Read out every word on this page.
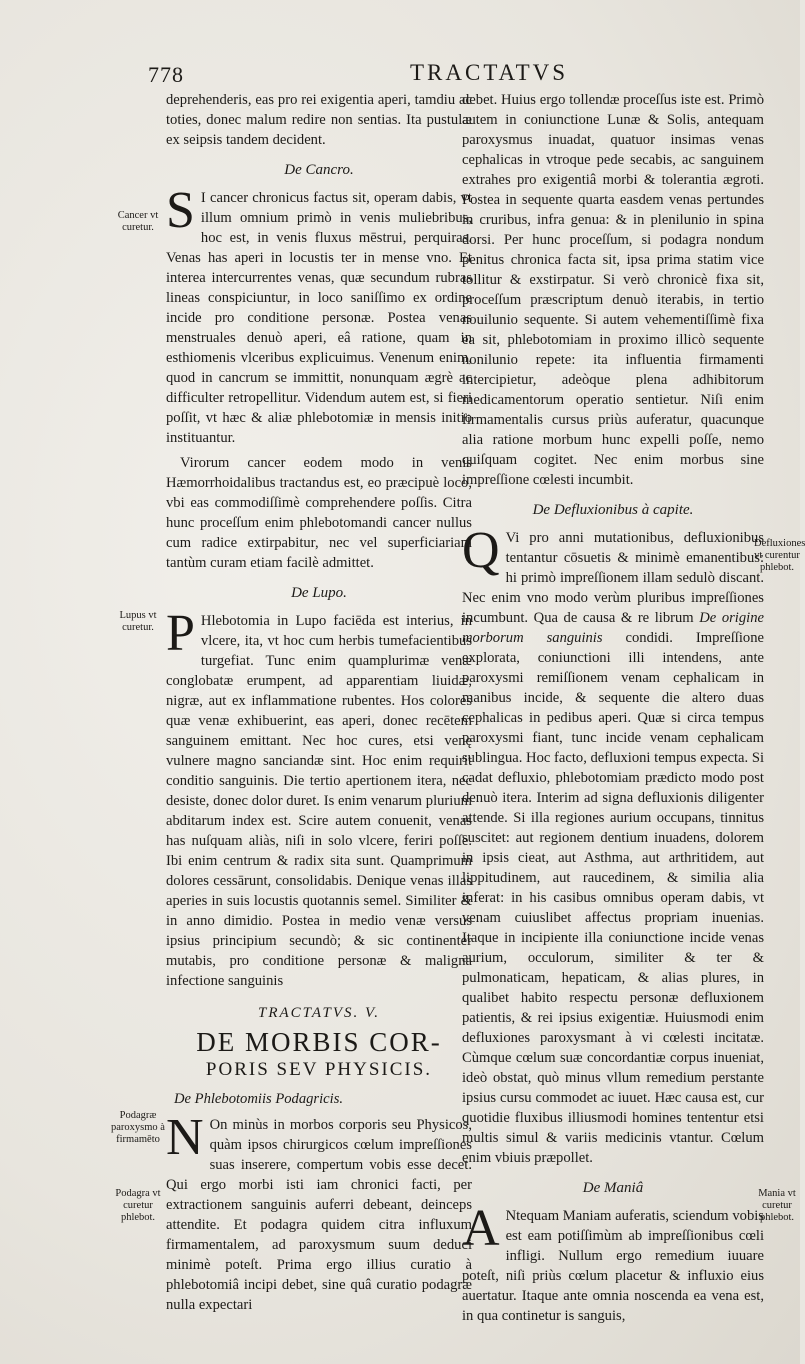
778	TRACTATVS

deprehenderis, eas pro rei exigentia aperi, tamdiu ac toties, donec malum redire non sentias. Ita pustulæ ex seipsis tandem decident.

De Cancro.

S I cancer chronicus factus sit, operam dabis, vt illum omnium primò in venis muliebribus, hoc est, in venis fluxus mēstrui, perquiras. Venas has aperi in locustis ter in mense vno. Et interea intercurrentes venas, quæ secundum rubras lineas conspiciuntur, in loco saniſſimo ex ordine incide pro conditione personæ. Postea venas menstruales denuò aperi, eâ ratione, quam in esthiomenis vlceribus explicuimus. Venenum enim, quod in cancrum se immittit, nonunquam ægrè ac difficulter retropellitur. Videndum autem est, si fieri poſſit, vt hæc & aliæ phlebotomiæ in mensis initio instituantur.

Virorum cancer eodem modo in venis Hæmorrhoidalibus tractandus est, eo præcipuè loco, vbi eas commodiſſimè comprehendere poſſis. Citra hunc proceſſum enim phlebotomandi cancer nullus cum radice extirpabitur, nec vel superficiariam tantùm curam etiam facilè admittet.

De Lupo.

P Hlebotomia in Lupo faciēda est interius, in vlcere, ita, vt hoc cum herbis tumefacientibus turgefiat. Tunc enim quamplurimæ venæ conglobatæ erumpent, ad apparentiam liuidæ, nigræ, aut ex inflammatione rubentes. Hos colores quæ venæ exhibuerint, eas aperi, donec recētem sanguinem emittant. Nec hoc cures, etsi venę vulnere magno sanciandæ sint. Hoc enim requirit conditio sanguinis. Die tertio apertionem itera, nec desiste, donec dolor duret. Is enim venarum plurium abditarum index est. Scire autem conuenit, venas has nuſquam aliàs, niſi in solo vlcere, feriri poſſe. Ibi enim centrum & radix sita sunt. Quamprimum dolores cessārunt, consolidabis. Denique venas illas aperies in suis locustis quotannis semel. Similiter & in anno dimidio. Postea in medio venæ versus ipsius principium secundò; & sic continenter mutabis, pro conditione personæ & maligna infectione sanguinis

TRACTATVS. V.
DE MORBIS COR-
PORIS SEV PHYSICIS.
De Phlebotomiis Podagricis.

N On minùs in morbos corporis seu Physicos, quàm ipsos chirurgicos cœlum impreſſiones suas inserere, compertum vobis esse decet. Qui ergo morbi isti iam chronici facti, per extractionem sanguinis auferri debeant, deinceps attendite. Et podagra quidem citra influxum firmamentalem, ad paroxysmum suum deduci minimè poteſt. Prima ergo illius curatio à phlebotomiâ incipi debet, sine quâ curatio podagræ nulla expectari

debet. Huius ergo tollendæ proceſſus iste est. Primò autem in coniunctione Lunæ & Solis, antequam paroxysmus inuadat, quatuor insimas venas cephalicas in vtroque pede secabis, ac sanguinem extrahes pro exigentiâ morbi & tolerantia ægroti. Postea in sequente quarta easdem venas pertundes in cruribus, infra genua: & in plenilunio in spina dorsi. Per hunc proceſſum, si podagra nondum penitus chronica facta sit, ipsa prima statim vice tollitur & exstirpatur. Si verò chronicè fixa sit, proceſſum præscriptum denuò iterabis, in tertio nouilunio sequente. Si autem vehementiſſimè fixa ea sit, phlebotomiam in proximo illicò sequente nonilunio repete: ita influentia firmamenti intercipietur, adeòque plena adhibitorum medicamentorum operatio sentietur. Niſi enim firmamentalis cursus priùs auferatur, quacunque alia ratione morbum hunc expelli poſſe, nemo quiſquam cogitet. Nec enim morbus sine impreſſione cœlesti incumbit.

De Defluxionibus à capite.

Q Vi pro anni mutationibus, defluxionibus tentantur cōsuetis & minimè emanentibus: hi primò impreſſionem illam sedulò discant. Nec enim vno modo verùm pluribus impreſſiones incumbunt. Qua de causa & re librum De origine morborum sanguinis condidi. Impreſſione explorata, coniunctioni illi intendens, ante paroxysmi remiſſionem venam cephalicam in manibus incide, & sequente die altero duas cephalicas in pedibus aperi. Quæ si circa tempus paroxysmi fiant, tunc incide venam cephalicam sublingua. Hoc facto, defluxioni tempus expecta. Si cadat defluxio, phlebotomiam prædicto modo post denuò itera. Interim ad signa defluxionis diligenter attende. Si illa regiones aurium occupans, tinnitus suscitet: aut regionem dentium inuadens, dolorem in ipsis cieat, aut Asthma, aut arthritidem, aut lippitudinem, aut raucedinem, & similia alia inferat: in his casibus omnibus operam dabis, vt venam cuiuslibet affectus propriam inuenias. Itaque in incipiente illa coniunctione incide venas aurium, occulorum, similiter & ter & pulmonaticam, hepaticam, & alias plures, in qualibet habito respectu personæ defluxionem patientis, & rei ipsius exigentiæ. Huiusmodi enim defluxiones paroxysmant à vi cœlesti incitatæ. Cùmque cœlum suæ concordantiæ corpus inueniat, ideò obstat, quò minus vllum remedium perstante ipsius cursu commodet ac iuuet. Hæc causa est, cur quotidie fluxibus illiusmodi homines tententur etsi multis simul & variis medicinis vtantur. Cœlum enim vbiuis præpollet.

De Maniâ

A Ntequam Maniam auferatis, sciendum vobis est eam potiſſimùm ab impreſſionibus cœli infligi. Nullum ergo remedium iuuare poteſt, niſi priùs cœlum placetur & influxio eius auertatur. Itaque ante omnia noscenda ea vena est, in qua continetur is sanguis,

Cancer vt curetur.
Lupus vt curetur.
Podagræ paroxysmo à firmamēto
Podagra vt curetur phlebot.
Defluxiones vt curentur phlebot.
Mania vt curetur phlebot.
